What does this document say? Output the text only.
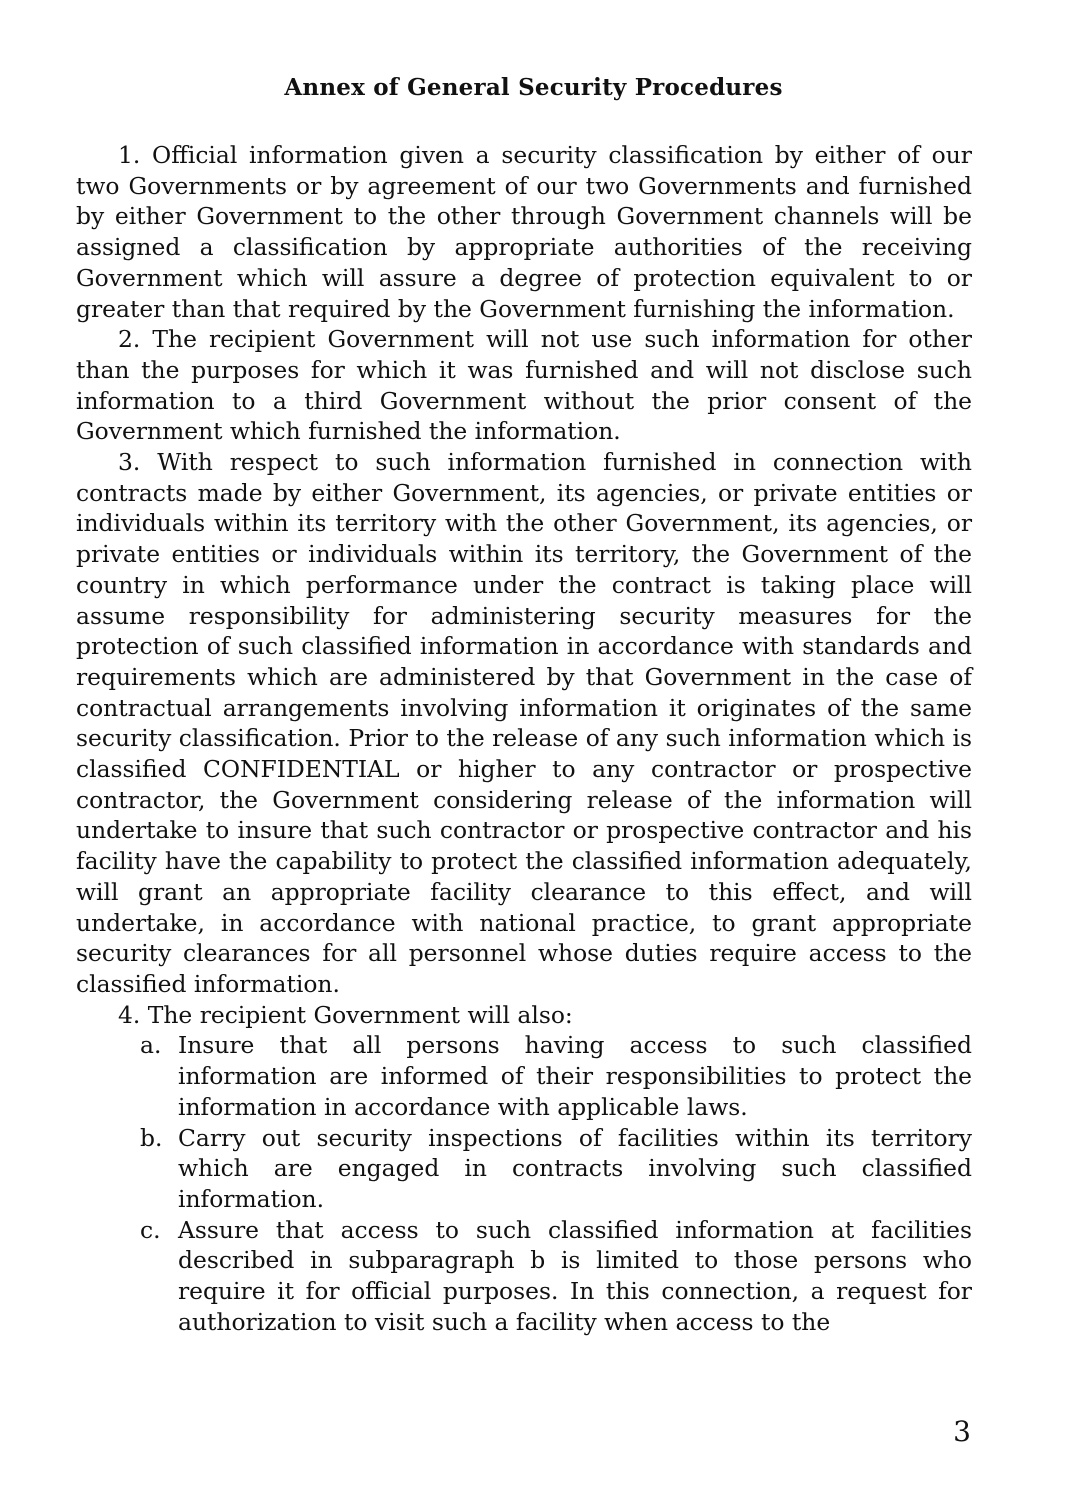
Annex of General Security Procedures

1. Official information given a security classification by either of our two Governments or by agreement of our two Governments and furnished by either Government to the other through Government channels will be assigned a classification by appropriate authorities of the receiving Government which will assure a degree of protection equivalent to or greater than that required by the Government furnishing the information.

2. The recipient Government will not use such information for other than the purposes for which it was furnished and will not disclose such information to a third Government without the prior consent of the Government which furnished the information.

3. With respect to such information furnished in connection with contracts made by either Government, its agencies, or private entities or individuals within its territory with the other Government, its agencies, or private entities or individuals within its territory, the Government of the country in which performance under the contract is taking place will assume responsibility for administering security measures for the protection of such classified information in accordance with standards and requirements which are administered by that Government in the case of contractual arrangements involving information it originates of the same security classification. Prior to the release of any such information which is classified CONFIDENTIAL or higher to any contractor or prospective contractor, the Government considering release of the information will undertake to insure that such contractor or prospective contractor and his facility have the capability to protect the classified information adequately, will grant an appropriate facility clearance to this effect, and will undertake, in accordance with national practice, to grant appropriate security clearances for all personnel whose duties require access to the classified information.

4. The recipient Government will also:

a. Insure that all persons having access to such classified information are informed of their responsibilities to protect the information in accordance with applicable laws.
b. Carry out security inspections of facilities within its territory which are engaged in contracts involving such classified information.
c. Assure that access to such classified information at facilities described in subparagraph b is limited to those persons who require it for official purposes. In this connection, a request for authorization to visit such a facility when access to the
3
